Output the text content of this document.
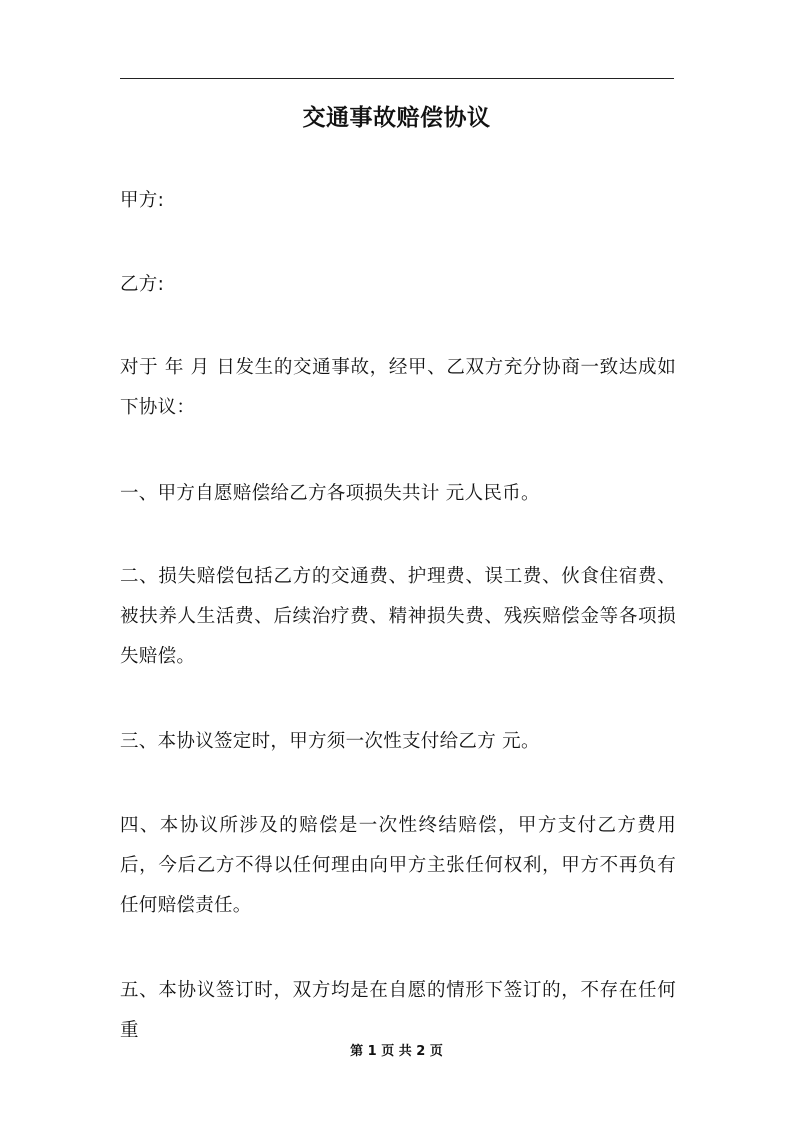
交通事故赔偿协议
甲方:
乙方:
对于 年 月 日发生的交通事故，经甲、乙双方充分协商一致达成如下协议：
一、甲方自愿赔偿给乙方各项损失共计 元人民币。
二、损失赔偿包括乙方的交通费、护理费、误工费、伙食住宿费、被扶养人生活费、后续治疗费、精神损失费、残疾赔偿金等各项损失赔偿。
三、本协议签定时，甲方须一次性支付给乙方 元。
四、本协议所涉及的赔偿是一次性终结赔偿，甲方支付乙方费用后，今后乙方不得以任何理由向甲方主张任何权利，甲方不再负有任何赔偿责任。
五、本协议签订时，双方均是在自愿的情形下签订的，不存在任何重
第 1 页 共 2 页
